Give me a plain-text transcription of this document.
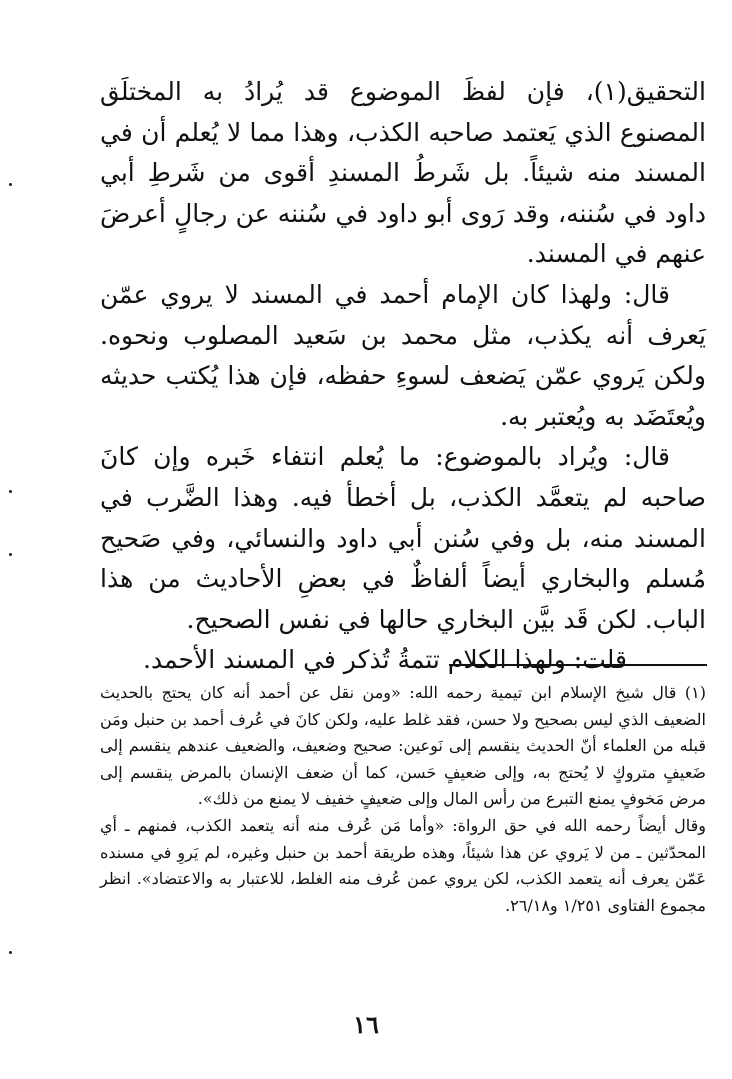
التحقيق(١)، فإن لفظَ الموضوع قد يُرادُ به المختلَق المصنوع الذي يَعتمد صاحبه الكذب، وهذا مما لا يُعلم أن في المسند منه شيئاً. بل شَرطُ المسندِ أقوى من شَرطِ أبي داود في سُننه، وقد رَوى أبو داود في سُننه عن رجالٍ أعرضَ عنهم في المسند.

قال: ولهذا كان الإمام أحمد في المسند لا يروي عمّن يَعرف أنه يكذب، مثل محمد بن سَعيد المصلوب ونحوه. ولكن يَروي عمّن يَضعف لسوءِ حفظه، فإن هذا يُكتب حديثه ويُعتَضَد به ويُعتبر به.

قال: ويُراد بالموضوع: ما يُعلم انتفاء خَبره وإن كانَ صاحبه لم يتعمَّد الكذب، بل أخطأ فيه. وهذا الضَّرب في المسند منه، بل وفي سُنن أبي داود والنسائي، وفي صَحيح مُسلم والبخاري أيضاً ألفاظٌ في بعضِ الأحاديث من هذا الباب. لكن قَد بيَّن البخاري حالها في نفس الصحيح.

قلت: ولهذا الكلام تتمةُ تُذكر في المسند الأحمد.

(١) قال شيخ الإسلام ابن تيمية رحمه الله: «ومن نقل عن أحمد أنه كان يحتج بالحديث الضعيف الذي ليس بصحيح ولا حسن، فقد غلط عليه، ولكن كانَ في عُرف أحمد بن حنبل ومَن قبله من العلماء أنّ الحديث ينقسم إلى نَوعين: صحيح وضعيف، والضعيف عندهم ينقسم إلى ضَعيفٍ متروكٍ لا يُحتج به، وإلى ضعيفٍ حَسن، كما أن ضعف الإنسان بالمرض ينقسم إلى مرض مَخوفٍ يمنع التبرع من رأس المال وإلى ضعيفٍ خفيف لا يمنع من ذلك».

وقال أيضاً رحمه الله في حق الرواة: «وأما مَن عُرف منه أنه يتعمد الكذب، فمنهم ـ أي المحدّثين ـ من لا يَروي عن هذا شيئاً، وهذه طريقة أحمد بن حنبل وغيره، لم يَروِ في مسنده عَمّن يعرف أنه يتعمد الكذب، لكن يروي عمن عُرف منه الغلط، للاعتبار به والاعتضاد». انظر مجموع الفتاوى ١/٢٥١ و٢٦/١٨.

١٦
